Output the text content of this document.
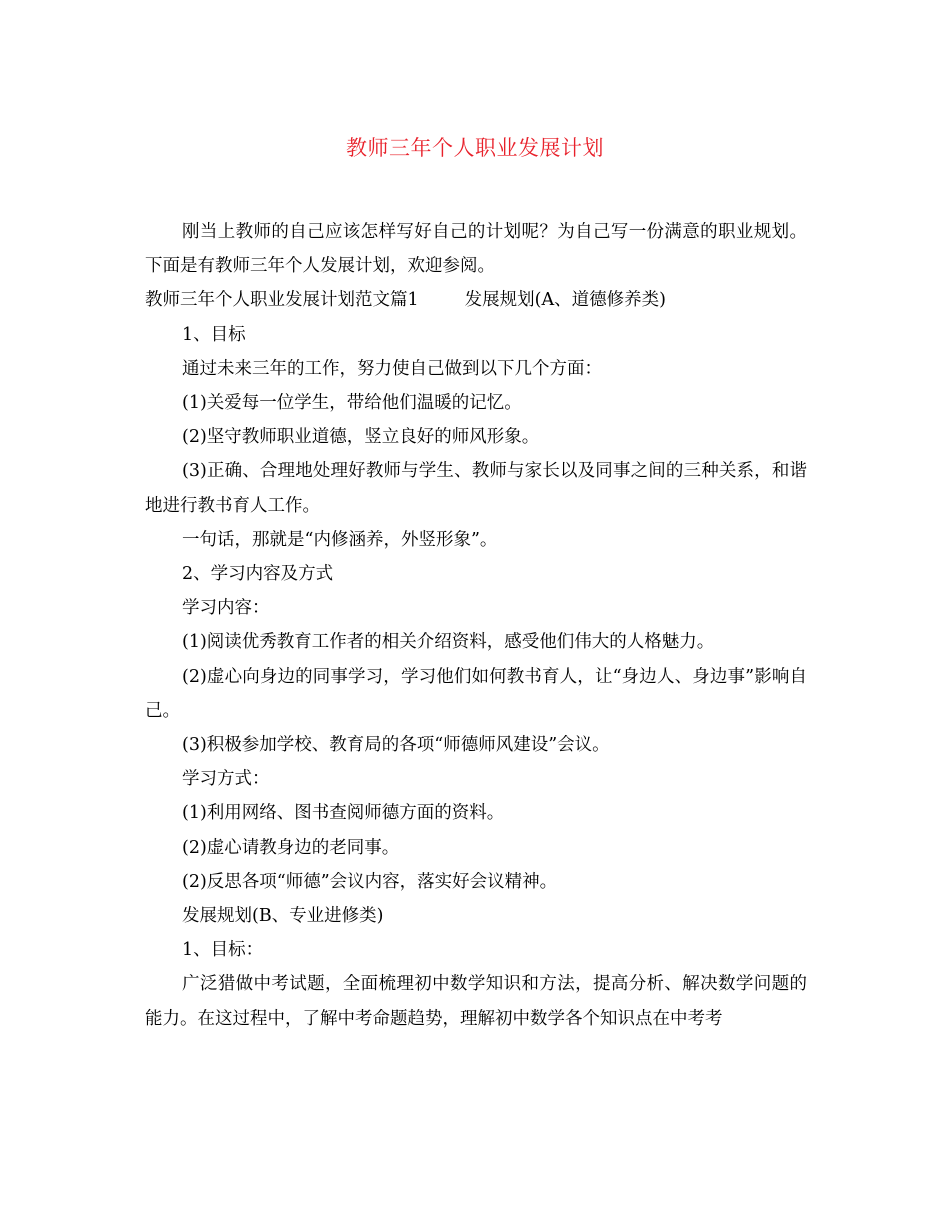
教师三年个人职业发展计划

刚当上教师的自己应该怎样写好自己的计划呢？为自己写一份满意的职业规划。下面是有教师三年个人发展计划，欢迎参阅。

教师三年个人职业发展计划范文篇1	发展规划(A、道德修养类)

1、目标

通过未来三年的工作，努力使自己做到以下几个方面：

(1)关爱每一位学生，带给他们温暖的记忆。

(2)坚守教师职业道德，竖立良好的师风形象。

(3)正确、合理地处理好教师与学生、教师与家长以及同事之间的三种关系，和谐地进行教书育人工作。

一句话，那就是“内修涵养，外竖形象”。

2、学习内容及方式

学习内容：

(1)阅读优秀教育工作者的相关介绍资料，感受他们伟大的人格魅力。

(2)虚心向身边的同事学习，学习他们如何教书育人，让“身边人、身边事”影响自己。

(3)积极参加学校、教育局的各项“师德师风建设”会议。

学习方式：

(1)利用网络、图书查阅师德方面的资料。

(2)虚心请教身边的老同事。

(2)反思各项“师德”会议内容，落实好会议精神。

发展规划(B、专业进修类)

1、目标：

广泛猎做中考试题，全面梳理初中数学知识和方法，提高分析、解决数学问题的能力。在这过程中，了解中考命题趋势，理解初中数学各个知识点在中考考
